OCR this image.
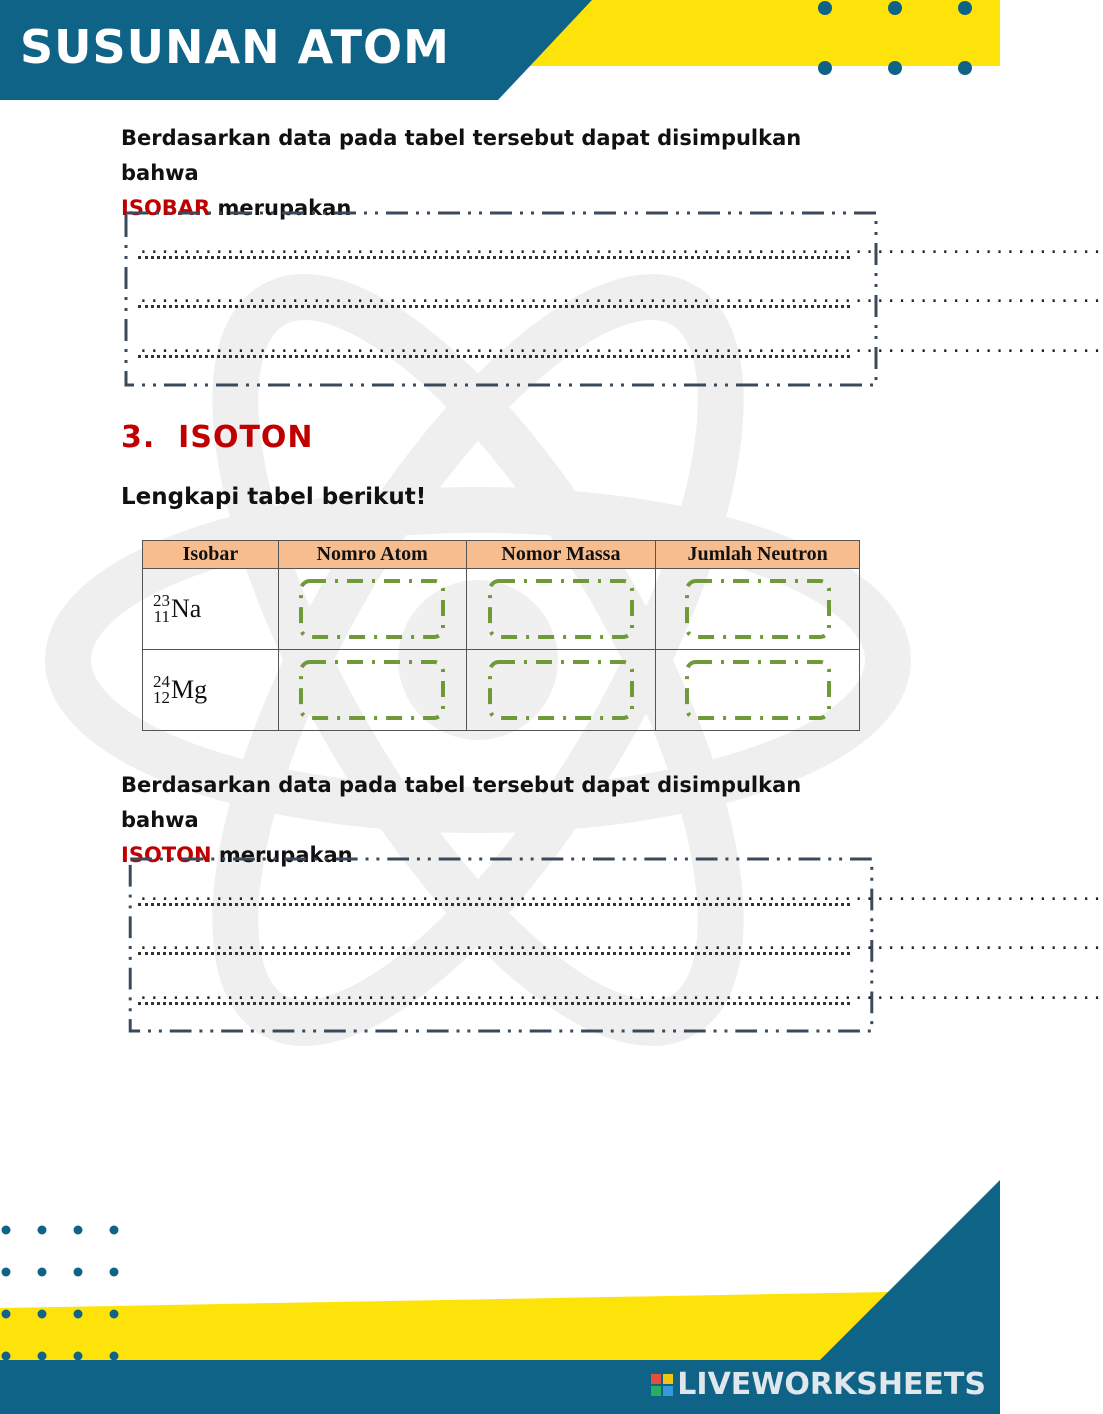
SUSUNAN ATOM
Berdasarkan data pada tabel tersebut dapat disimpulkan bahwa
ISOBAR merupakan
.........................................................................................
.........................................................................................
.........................................................................................
3. ISOTON
Lengkapi tabel berikut!
Isobar	Nomro Atom	Nomor Massa	Jumlah Neutron

23
11 Na

24
12 Mg

Berdasarkan data pada tabel tersebut dapat disimpulkan bahwa
ISOTON merupakan
.........................................................................................
.........................................................................................
.........................................................................................
LIVEWORKSHEETS
